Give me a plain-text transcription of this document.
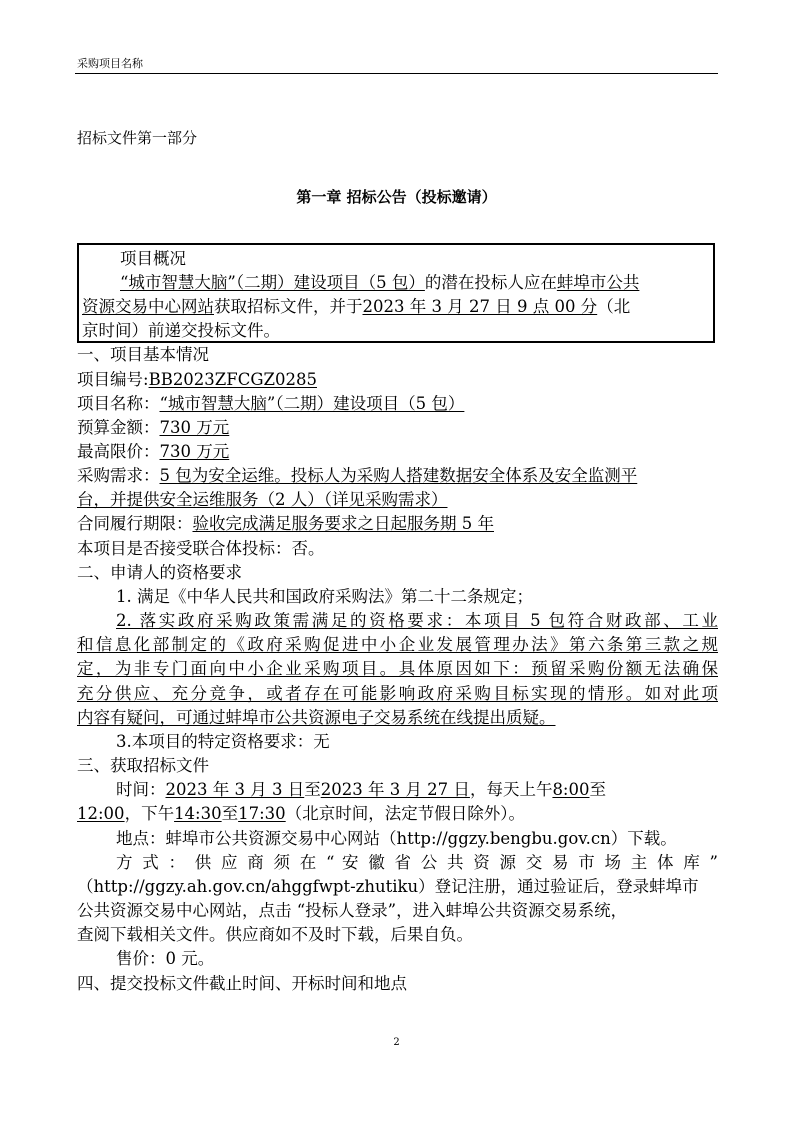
采购项目名称
招标文件第一部分
第一章 招标公告（投标邀请）
项目概况
“城市智慧大脑”（二期）建设项目（5 包）的潜在投标人应在蚌埠市公共
资源交易中心网站获取招标文件，并于2023 年 3 月 27 日 9 点 00 分（北
京时间）前递交投标文件。
一、项目基本情况
项目编号:BB2023ZFCGZ0285
项目名称：“城市智慧大脑”（二期）建设项目（5 包）
预算金额：730 万元
最高限价：730 万元
采购需求：5 包为安全运维。投标人为采购人搭建数据安全体系及安全监测平
台，并提供安全运维服务（2 人）（详见采购需求）
合同履行期限：验收完成满足服务要求之日起服务期 5 年
本项目是否接受联合体投标：否。
二、申请人的资格要求
1. 满足《中华人民共和国政府采购法》第二十二条规定；
2. 落实政府采购政策需满足的资格要求：本项目 5 包符合财政部、工业
和信息化部制定的《政府采购促进中小企业发展管理办法》第六条第三款之规
定，为非专门面向中小企业采购项目。具体原因如下：预留采购份额无法确保
充分供应、充分竞争，或者存在可能影响政府采购目标实现的情形。如对此项
内容有疑问，可通过蚌埠市公共资源电子交易系统在线提出质疑。
3.本项目的特定资格要求：无
三、获取招标文件
时间：2023 年 3 月 3 日至2023 年 3 月 27 日，每天上午8:00至
12:00，下午14:30至17:30（北京时间，法定节假日除外）。
地点：蚌埠市公共资源交易中心网站（http://ggzy.bengbu.gov.cn）下载。
方 式 ： 供 应 商 须 在 “ 安 徽 省 公 共 资 源 交 易 市 场 主 体 库 ”
（http://ggzy.ah.gov.cn/ahggfwpt-zhutiku）登记注册，通过验证后，登录蚌埠市
公共资源交易中心网站，点击 “投标人登录”，进入蚌埠公共资源交易系统，
查阅下载相关文件。供应商如不及时下载，后果自负。
售价：0 元。
四、提交投标文件截止时间、开标时间和地点
2
